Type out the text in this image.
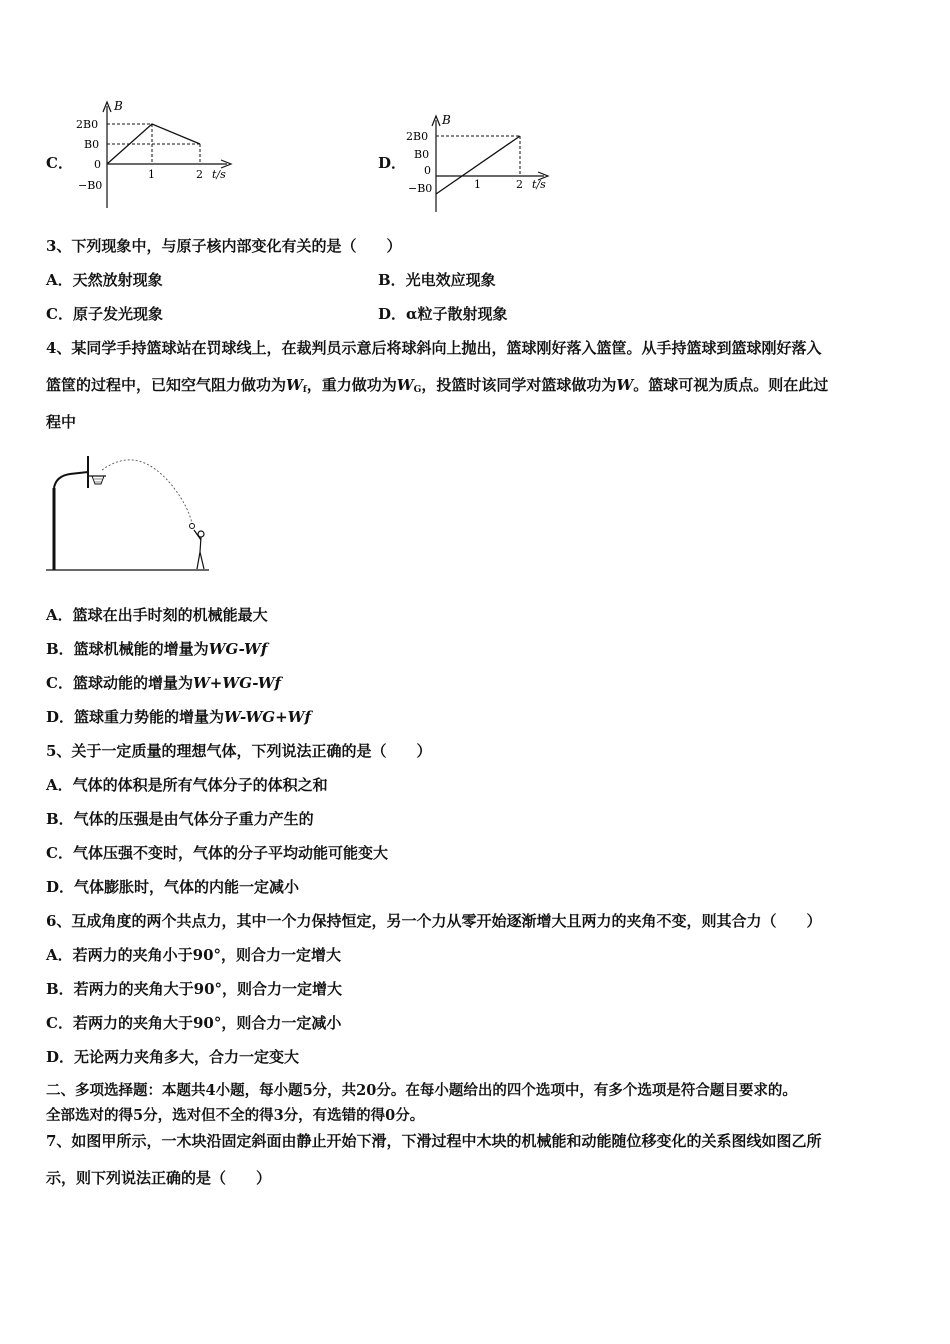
C．
B
t/s
2B0
B0
0
−B0
1	2
D．
B
t/s
2B0
B0
0
−B0	1	2
3、下列现象中，与原子核内部变化有关的是（　　）
A．天然放射现象	B．光电效应现象
C．原子发光现象	D．α粒子散射现象
4、某同学手持篮球站在罚球线上，在裁判员示意后将球斜向上抛出，篮球刚好落入篮筐。从手持篮球到篮球刚好落入
篮筐的过程中，已知空气阻力做功为$W_f$，重力做功为$W_G$，投篮时该同学对篮球做功为W。篮球可视为质点。则在此过
程中
A．篮球在出手时刻的机械能最大
B．篮球机械能的增量为WG-Wf
C．篮球动能的增量为W+WG-Wf
D．篮球重力势能的增量为W-WG+Wf
5、关于一定质量的理想气体，下列说法正确的是（　　）
A．气体的体积是所有气体分子的体积之和
B．气体的压强是由气体分子重力产生的
C．气体压强不变时，气体的分子平均动能可能变大
D．气体膨胀时，气体的内能一定减小
6、互成角度的两个共点力，其中一个力保持恒定，另一个力从零开始逐渐增大且两力的夹角不变，则其合力（　　）
A．若两力的夹角小于90°，则合力一定增大
B．若两力的夹角大于90°，则合力一定增大
C．若两力的夹角大于90°，则合力一定减小
D．无论两力夹角多大，合力一定变大
二、多项选择题：本题共4小题，每小题5分，共20分。在每小题给出的四个选项中，有多个选项是符合题目要求的。
全部选对的得5分，选对但不全的得3分，有选错的得0分。
7、如图甲所示，一木块沿固定斜面由静止开始下滑，下滑过程中木块的机械能和动能随位移变化的关系图线如图乙所
示，则下列说法正确的是（　　）
